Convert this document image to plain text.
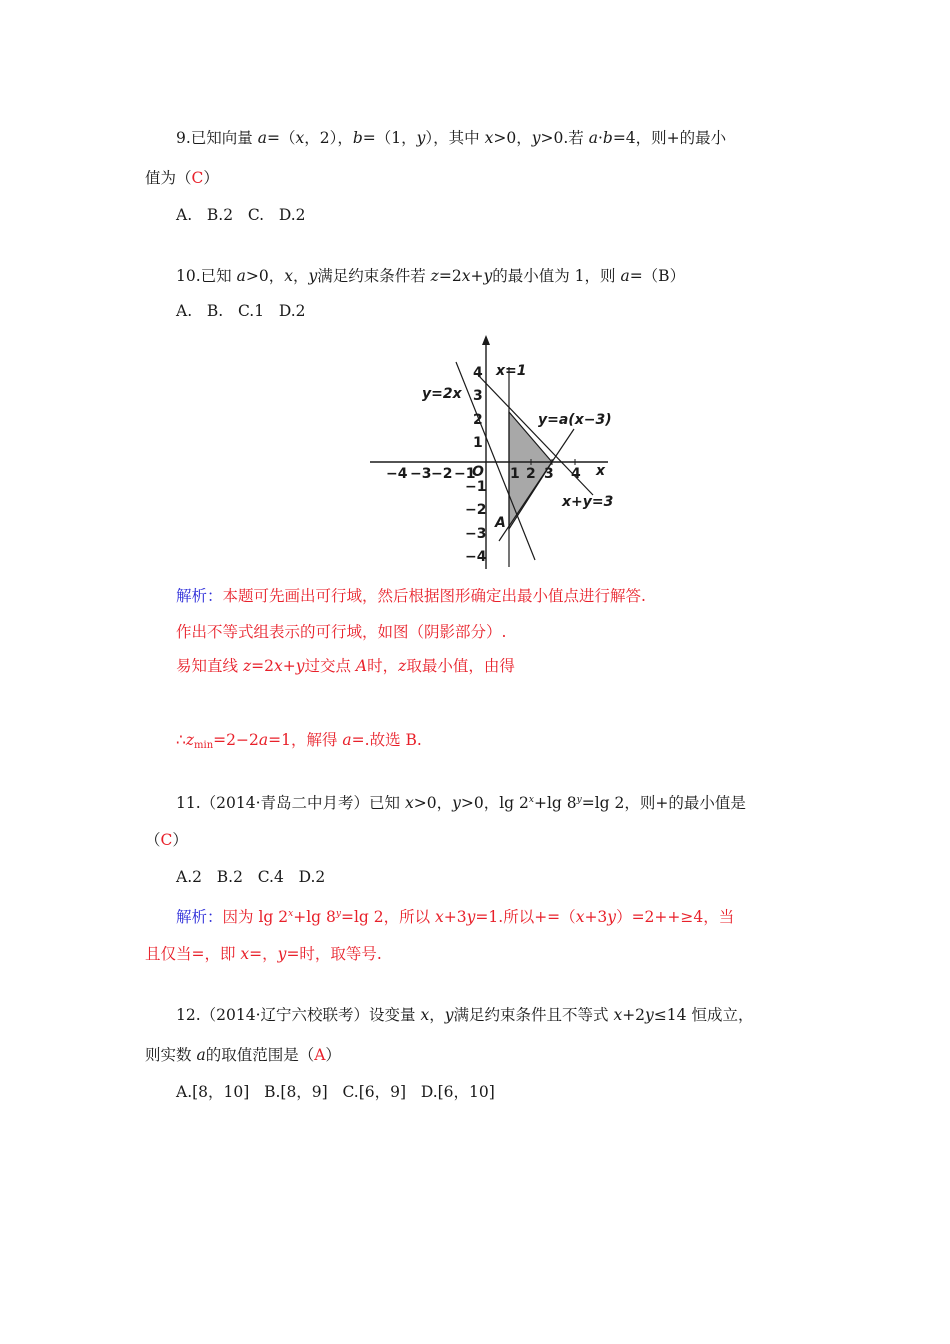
9.已知向量 a=（x，2），b=（1，y），其中 x>0，y>0.若 a·b=4，则+的最小
值为（C）
A.   B.2   C.   D.2
10.已知 a>0，x，y满足约束条件若 z=2x+y的最小值为 1，则 a=（B）
A.   B.   C.1   D.2
−4 −3 −2 −1 1 2 3 4 x
O
4
3
2
1
−1
−2
−3
−4
x=1
y=2x
y=a(x−3)
x+y=3
A
解析：本题可先画出可行域，然后根据图形确定出最小值点进行解答.
作出不等式组表示的可行域，如图（阴影部分）.
易知直线 z=2x+y过交点 A时，z取最小值，由得
$\therefore z_{min}=2-2a=1$，解得 a=.故选 B.
11.（2014·青岛二中月考）已知 x>0，y>0，$\lg 2^x+\lg$ $8^y=\lg$ 2，则+的最小值是
（C）
A.2   B.2   C.4   D.2
解析：因为 $\lg 2^x+\lg$ $8^y=\lg$ 2，所以 x+3y=1.所以+=（x+3y）=2++≥4，当
且仅当=，即 x=，y=时，取等号.
12.（2014·辽宁六校联考）设变量 x，y满足约束条件且不等式 x+2y≤14 恒成立，
则实数 a的取值范围是（A）
A.[8，10]   B.[8，9]   C.[6，9]   D.[6，10]
